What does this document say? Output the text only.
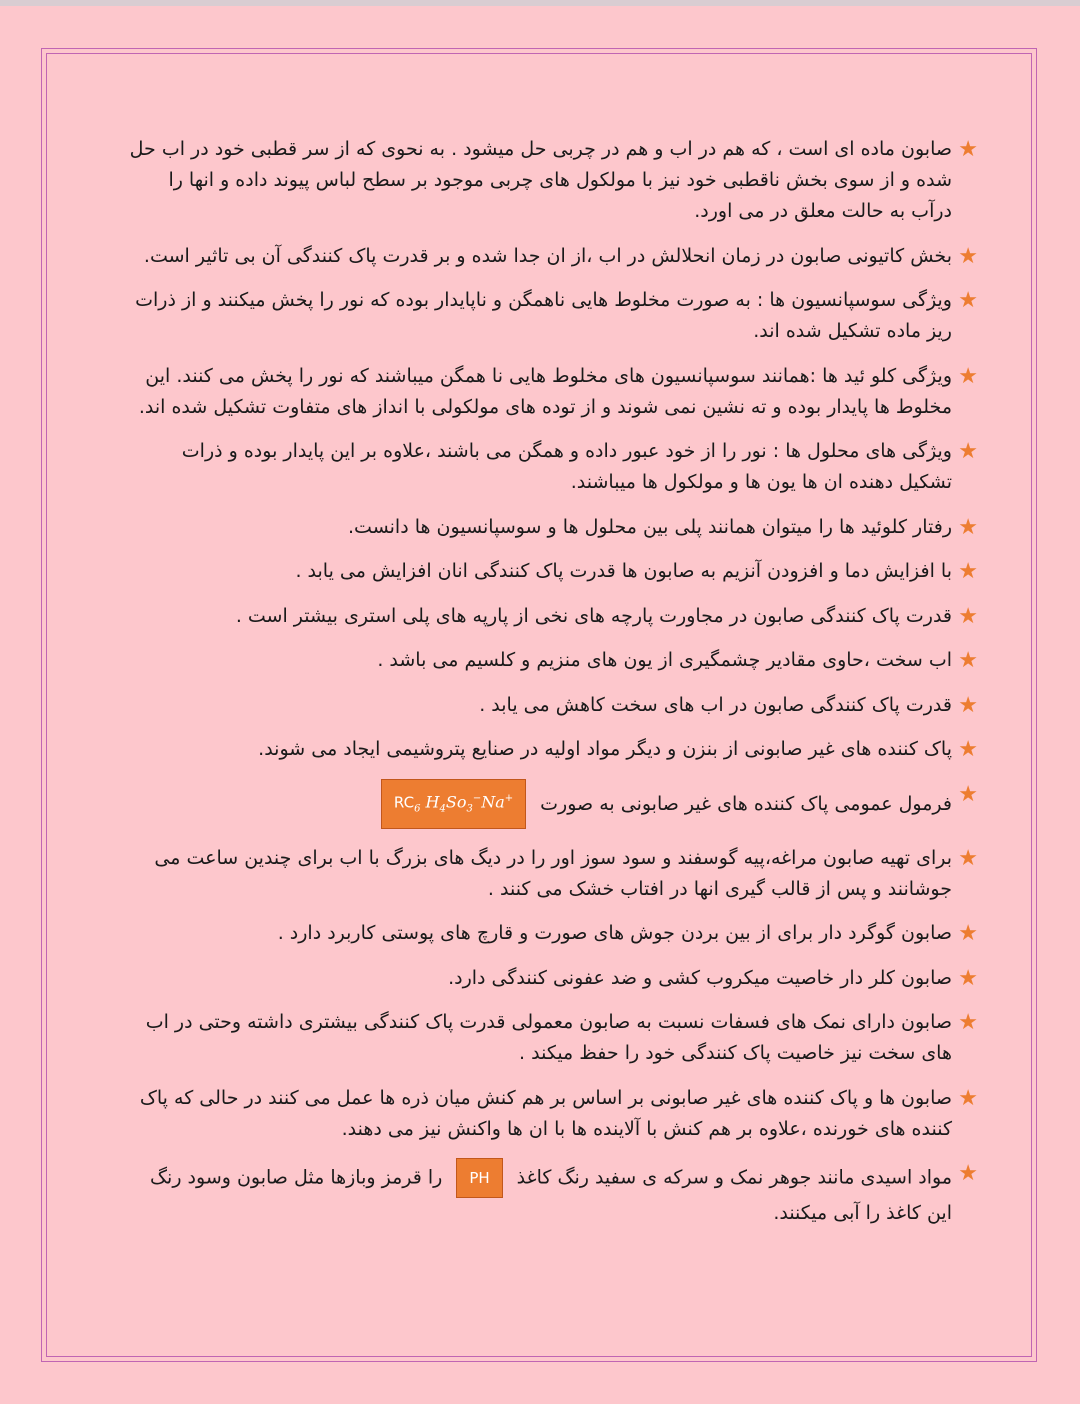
★
صابون ماده ای است ، که هم در اب و هم در چربی حل میشود . به نحوی که از سر قطبی خود در اب حل شده و از سوی بخش ناقطبی خود نیز با مولکول های چربی موجود بر سطح لباس پیوند داده و انها را درآب به حالت معلق در می اورد.
★
بخش کاتیونی صابون در زمان انحلالش در اب ،از ان جدا شده و بر قدرت پاک کنندگی آن بی تاثیر است.
★
ویژگی سوسپانسیون ها : به صورت مخلوط هایی ناهمگن و ناپایدار بوده که نور را پخش میکنند و از ذرات ریز ماده تشکیل شده اند.
★
ویژگی کلو ئید ها :همانند سوسپانسیون های مخلوط هایی نا همگن میباشند که نور را پخش می کنند. این مخلوط ها پایدار بوده و ته نشین نمی شوند و از توده های مولکولی با انداز های متفاوت تشکیل شده اند.
★
ویژگی های محلول ها : نور را از خود عبور داده و همگن می باشند ،علاوه بر این پایدار بوده و ذرات تشکیل دهنده ان ها یون ها و مولکول ها میباشند.
★
رفتار کلوئید ها را میتوان همانند پلی بین محلول ها و سوسپانسیون ها دانست.
★
با افزایش دما و افزودن آنزیم به صابون ها قدرت پاک کنندگی انان افزایش می یابد .
★
قدرت پاک کنندگی صابون در مجاورت پارچه های نخی از پارپه های پلی استری بیشتر است .
★
اب سخت ،حاوی مقادیر چشمگیری از یون های منزیم و کلسیم می باشد .
★
قدرت پاک کنندگی صابون در اب های سخت کاهش می یابد .
★
پاک کننده های غیر صابونی از بنزن و دیگر مواد اولیه در صنایع پتروشیمی ایجاد می شوند.
★
فرمول عمومی پاک کننده های غیر صابونی به صورتRC$_6$ $H_4So_3^-Na^+$
★
برای تهیه صابون مراغه،پیه گوسفند و سود سوز اور را در دیگ های بزرگ با اب برای چندین ساعت می جوشانند و پس از قالب گیری انها در افتاب خشک می کنند .
★
صابون گوگرد دار برای از بین بردن جوش های صورت و قارچ های پوستی کاربرد دارد .
★
صابون کلر دار خاصیت میکروب کشی و ضد عفونی کنندگی دارد.
★
صابون دارای نمک های فسفات نسبت به صابون معمولی قدرت پاک کنندگی بیشتری داشته وحتی در اب های سخت نیز خاصیت پاک کنندگی خود را حفظ میکند .
★
صابون ها و پاک کننده های غیر صابونی بر اساس بر هم کنش میان ذره ها عمل می کنند در حالی که پاک کننده های خورنده ،علاوه بر هم کنش با آلاینده ها با ان ها واکنش نیز می دهند.
★
مواد اسیدی مانند جوهر نمک و سرکه ی سفید رنگ کاغذPHرا قرمز وبازها مثل صابون وسود رنگ این کاغذ را آبی میکنند.
